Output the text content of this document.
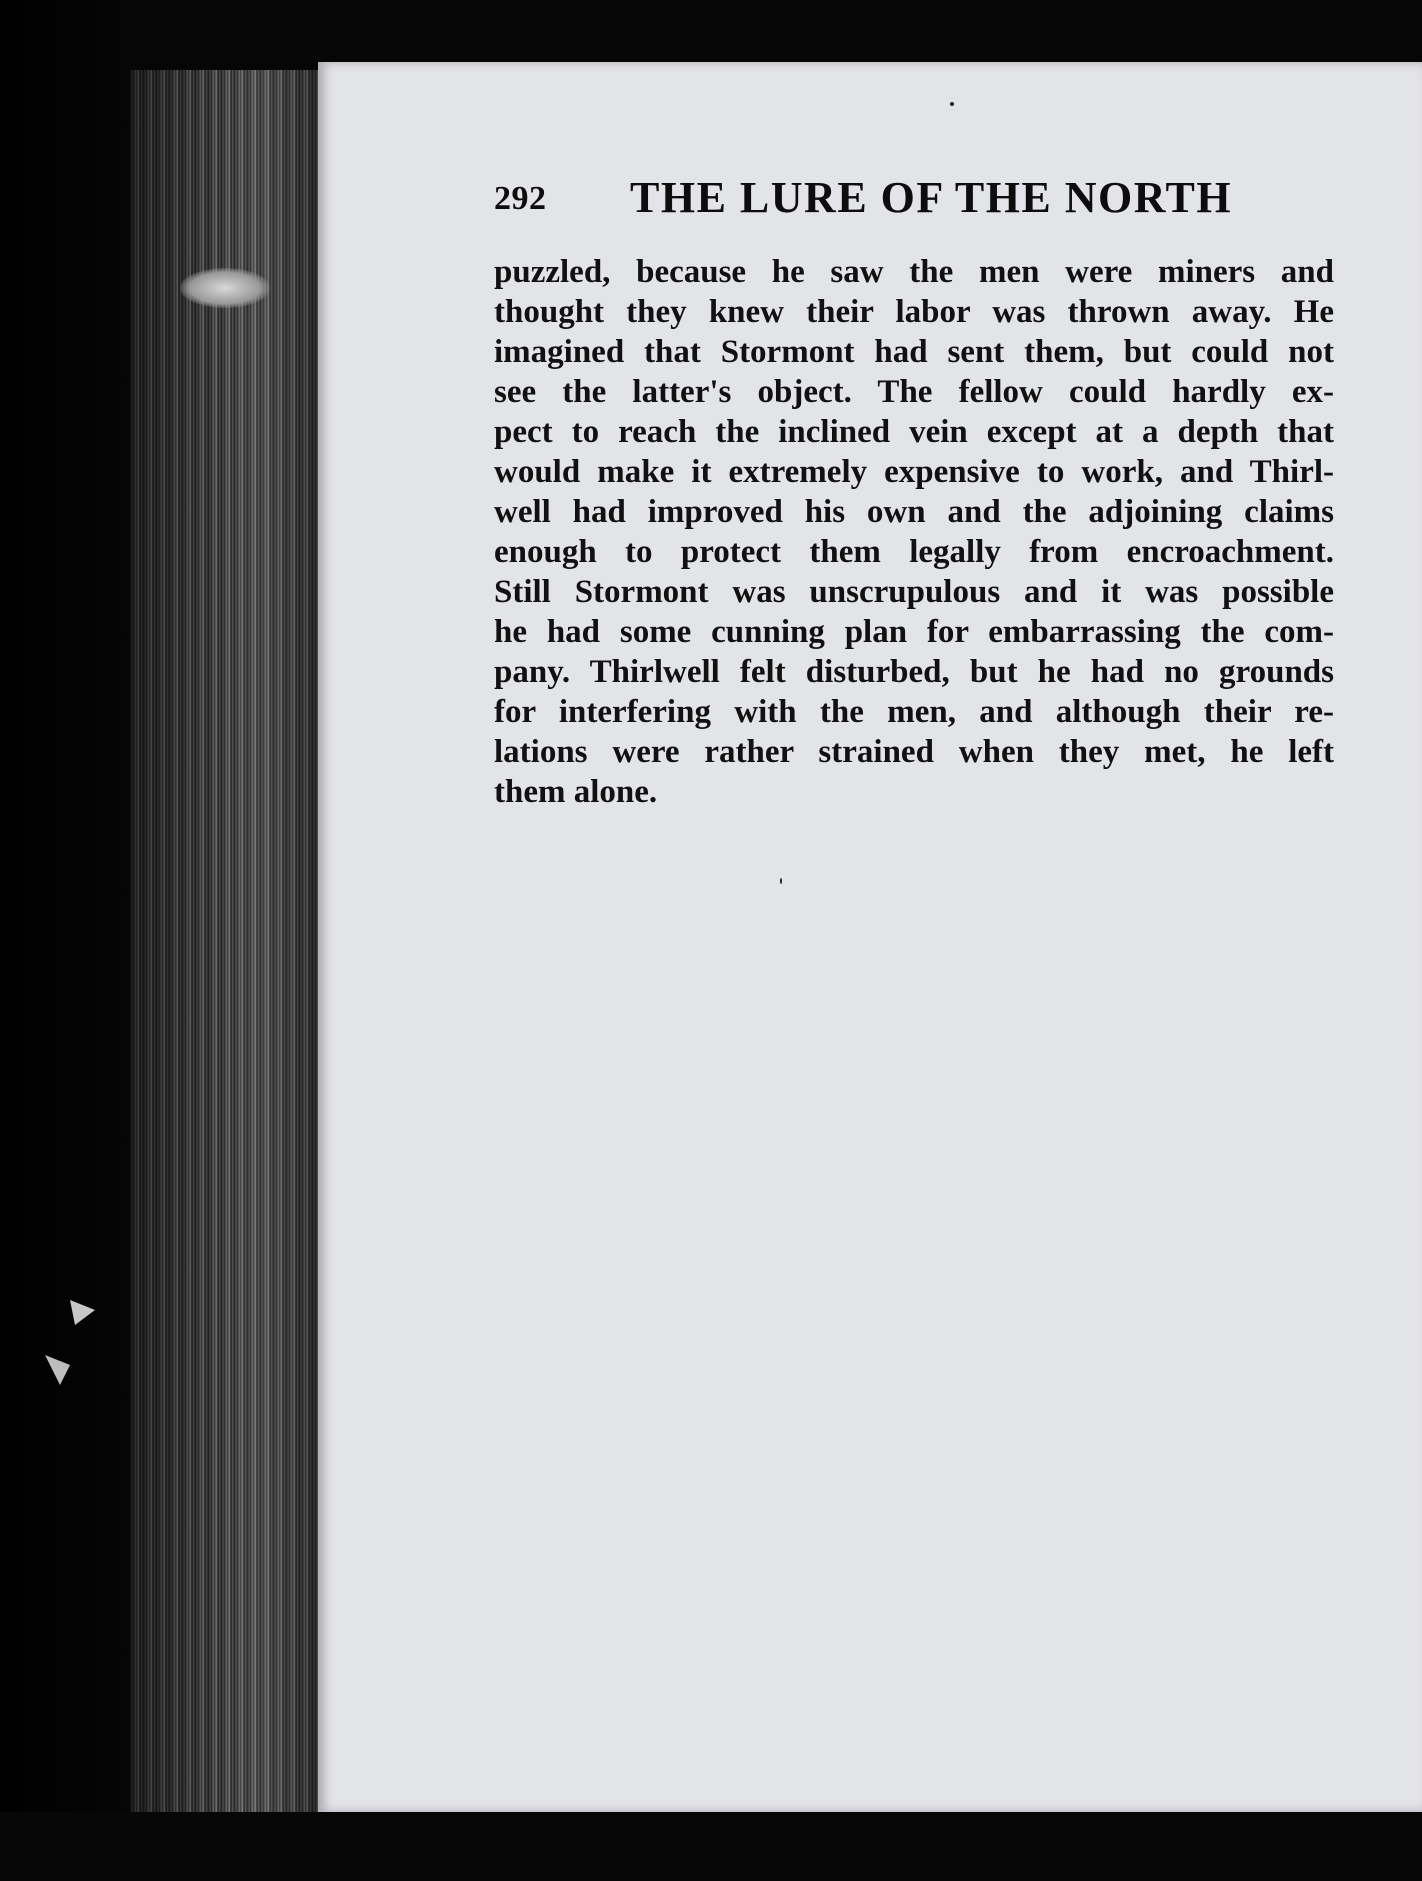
292 THE LURE OF THE NORTH
puzzled, because he saw the men were miners and
thought they knew their labor was thrown away. He
imagined that Stormont had sent them, but could not
see the latter's object. The fellow could hardly ex-
pect to reach the inclined vein except at a depth that
would make it extremely expensive to work, and Thirl-
well had improved his own and the adjoining claims
enough to protect them legally from encroachment.
Still Stormont was unscrupulous and it was possible
he had some cunning plan for embarrassing the com-
pany. Thirlwell felt disturbed, but he had no grounds
for interfering with the men, and although their re-
lations were rather strained when they met, he left
them alone.
